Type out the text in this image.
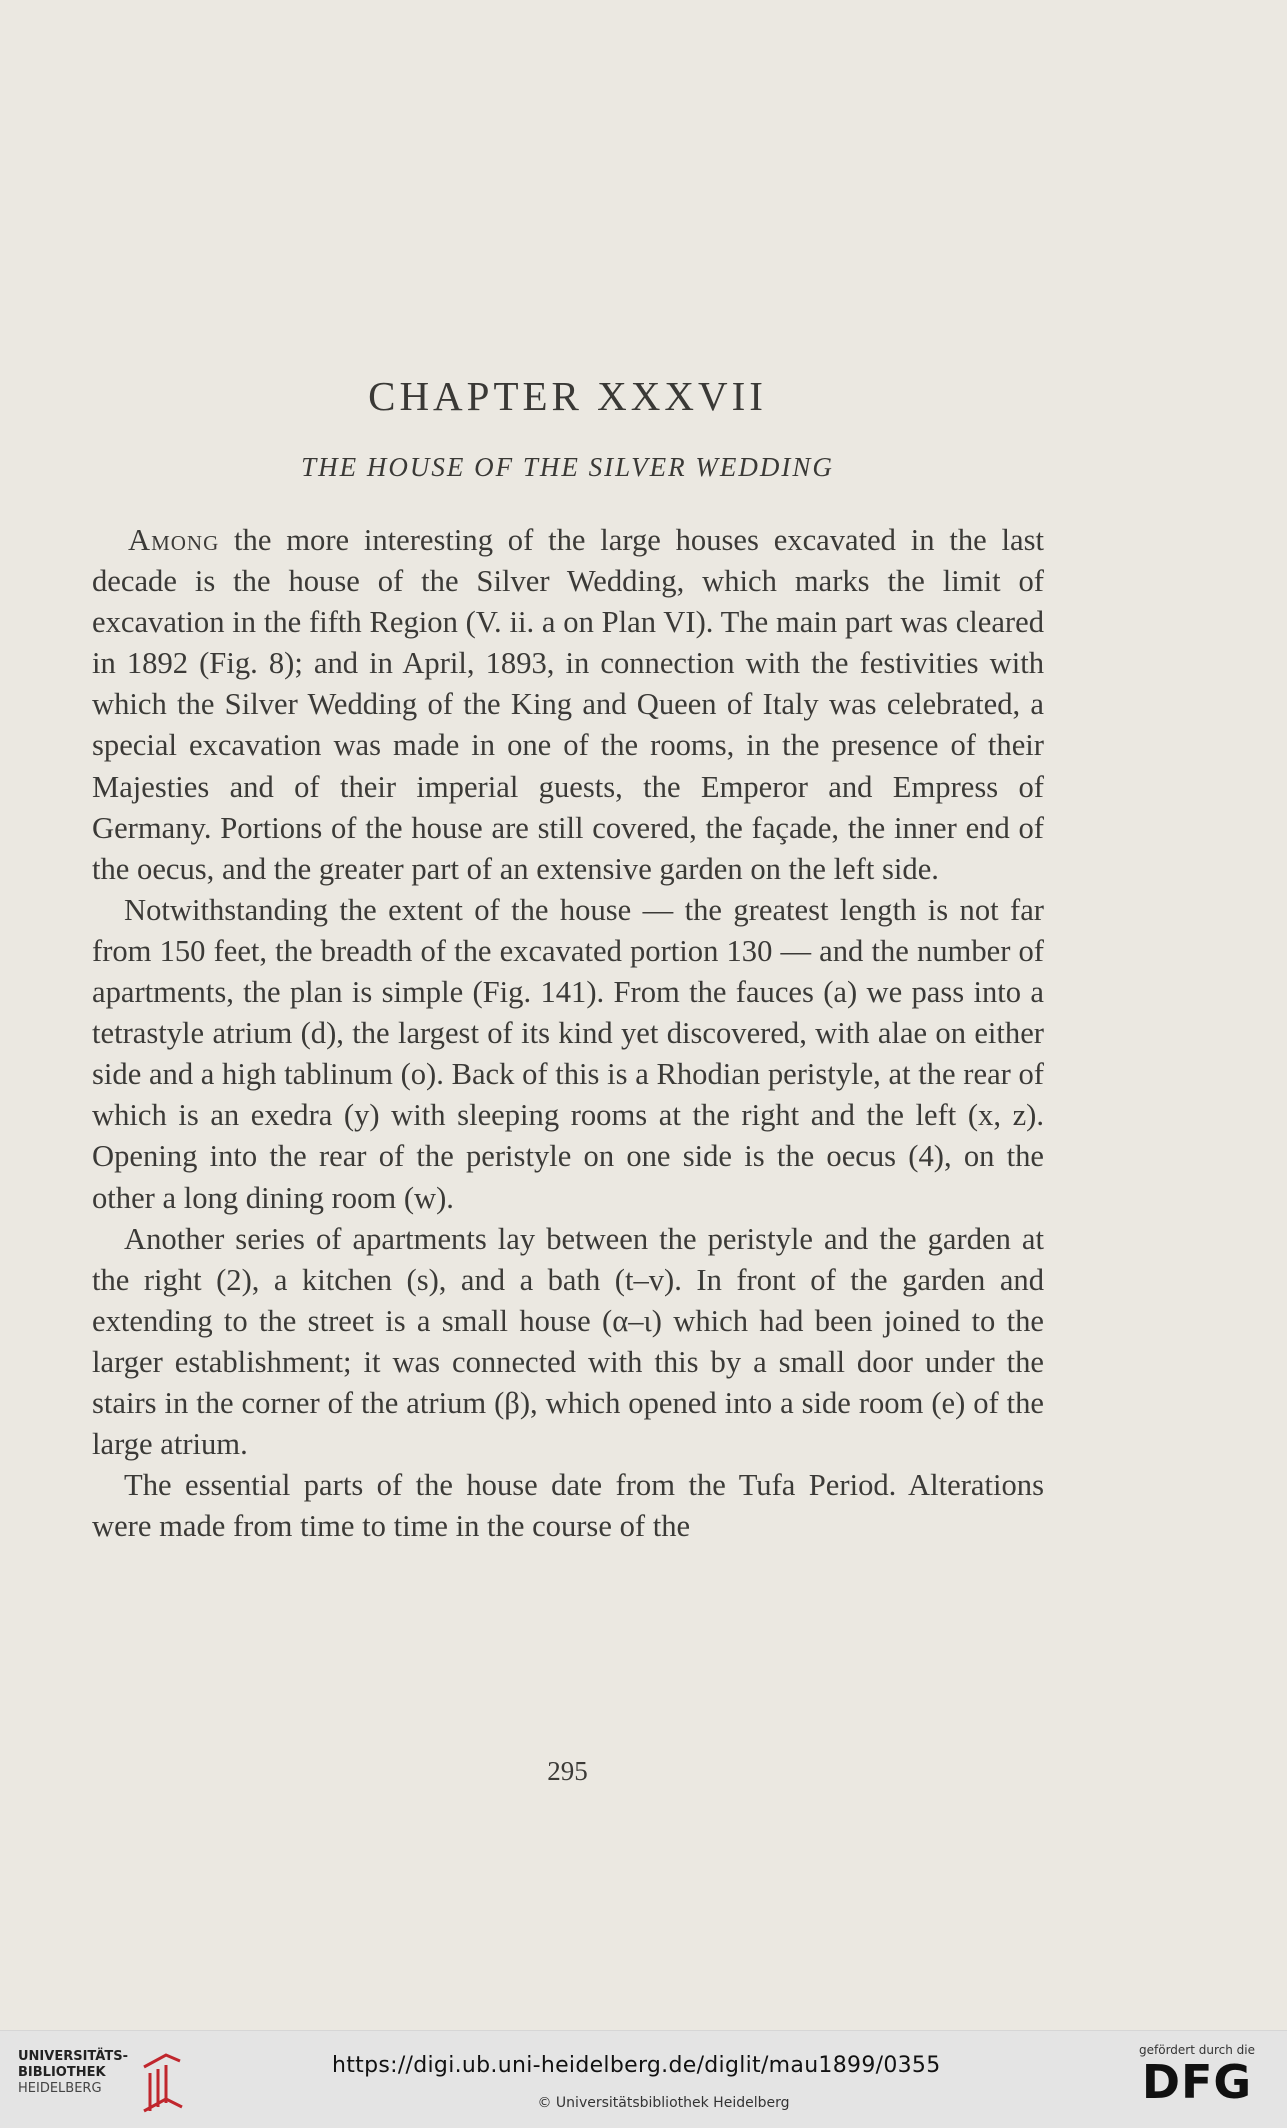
CHAPTER XXXVII
THE HOUSE OF THE SILVER WEDDING

Among the more interesting of the large houses excavated in the last decade is the house of the Silver Wedding, which marks the limit of excavation in the fifth Region (V. ii. a on Plan VI). The main part was cleared in 1892 (Fig. 8); and in April, 1893, in connection with the festivities with which the Silver Wedding of the King and Queen of Italy was celebrated, a special excavation was made in one of the rooms, in the presence of their Majesties and of their imperial guests, the Emperor and Empress of Germany. Portions of the house are still covered, the façade, the inner end of the oecus, and the greater part of an extensive garden on the left side.

Notwithstanding the extent of the house — the greatest length is not far from 150 feet, the breadth of the excavated portion 130 — and the number of apartments, the plan is simple (Fig. 141). From the fauces (a) we pass into a tetrastyle atrium (d), the largest of its kind yet discovered, with alae on either side and a high tablinum (o). Back of this is a Rhodian peristyle, at the rear of which is an exedra (y) with sleeping rooms at the right and the left (x, z). Opening into the rear of the peristyle on one side is the oecus (4), on the other a long dining room (w).

Another series of apartments lay between the peristyle and the garden at the right (2), a kitchen (s), and a bath (t–v). In front of the garden and extending to the street is a small house (α–ι) which had been joined to the larger establishment; it was connected with this by a small door under the stairs in the corner of the atrium (β), which opened into a side room (e) of the large atrium.

The essential parts of the house date from the Tufa Period. Alterations were made from time to time in the course of the

295
UNIVERSITÄTS-
BIBLIOTHEK
HEIDELBERG
https://digi.ub.uni-heidelberg.de/diglit/mau1899/0355
© Universitätsbibliothek Heidelberg
gefördert durch die
DFG
